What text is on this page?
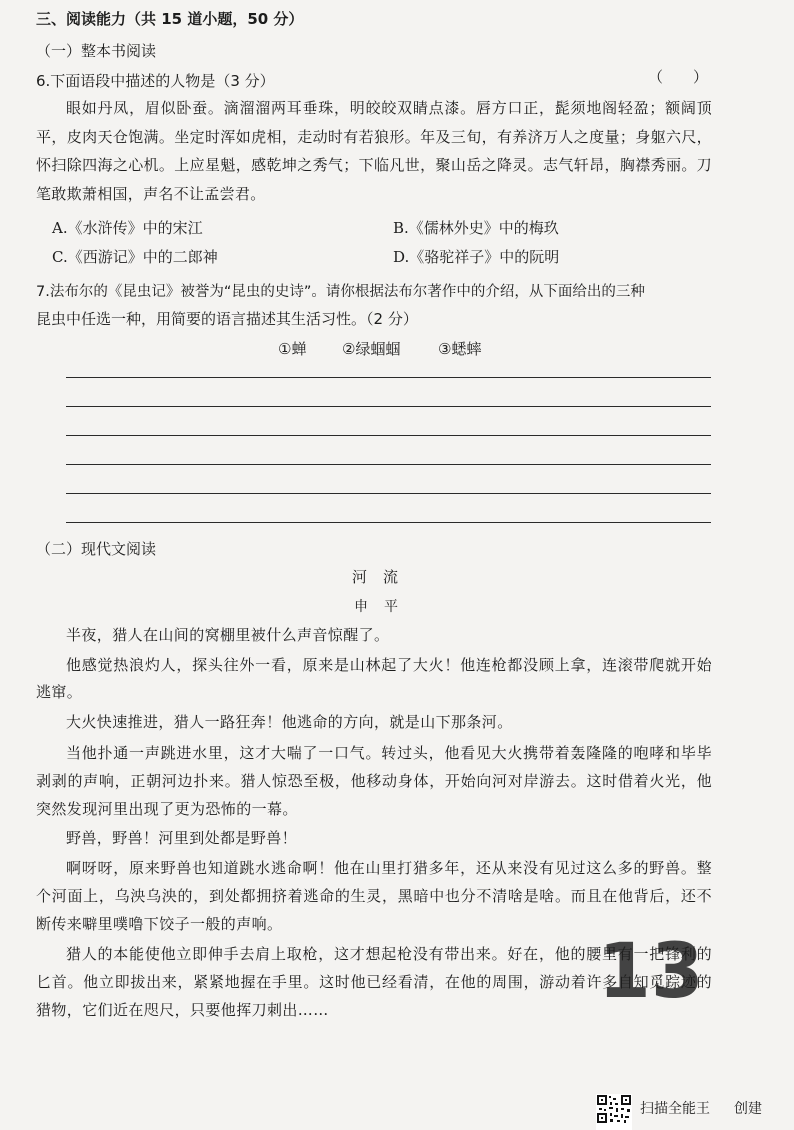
三、阅读能力（共 15 道小题，50 分）
（一）整本书阅读
6.下面语段中描述的人物是（3 分）	（　　）
眼如丹凤，眉似卧蚕。滴溜溜两耳垂珠，明皎皎双睛点漆。唇方口正，髭须地阁轻盈；额阔顶平，皮肉天仓饱满。坐定时浑如虎相，走动时有若狼形。年及三旬，有养济万人之度量；身躯六尺，怀扫除四海之心机。上应星魁，感乾坤之秀气；下临凡世，聚山岳之降灵。志气轩昂，胸襟秀丽。刀笔敢欺萧相国，声名不让孟尝君。
A.《水浒传》中的宋江	B.《儒林外史》中的梅玖
C.《西游记》中的二郎神	D.《骆驼祥子》中的阮明
7.法布尔的《昆虫记》被誉为“昆虫的史诗”。请你根据法布尔著作中的介绍，从下面给出的三种
昆虫中任选一种，用简要的语言描述其生活习性。（2 分）
①蝉 ②绿蝈蝈	③蟋蟀
（二）现代文阅读
河流
申平
半夜，猎人在山间的窝棚里被什么声音惊醒了。
他感觉热浪灼人，探头往外一看，原来是山林起了大火！他连枪都没顾上拿，连滚带爬就开始逃窜。
大火快速推进，猎人一路狂奔！他逃命的方向，就是山下那条河。
当他扑通一声跳进水里，这才大喘了一口气。转过头，他看见大火携带着轰隆隆的咆哮和毕毕剥剥的声响，正朝河边扑来。猎人惊恐至极，他移动身体，开始向河对岸游去。这时借着火光，他突然发现河里出现了更为恐怖的一幕。
野兽，野兽！河里到处都是野兽！
啊呀呀，原来野兽也知道跳水逃命啊！他在山里打猎多年，还从来没有见过这么多的野兽。整个河面上，乌泱乌泱的，到处都拥挤着逃命的生灵，黑暗中也分不清啥是啥。而且在他背后，还不断传来噼里噗噜下饺子一般的声响。
猎人的本能使他立即伸手去肩上取枪，这才想起枪没有带出来。好在，他的腰里有一把锋利的匕首。他立即拔出来，紧紧地握在手里。这时他已经看清，在他的周围，游动着许多自知觅踪迹的猎物，它们近在咫尺，只要他挥刀刺出……	13
扫描全能王 创建
